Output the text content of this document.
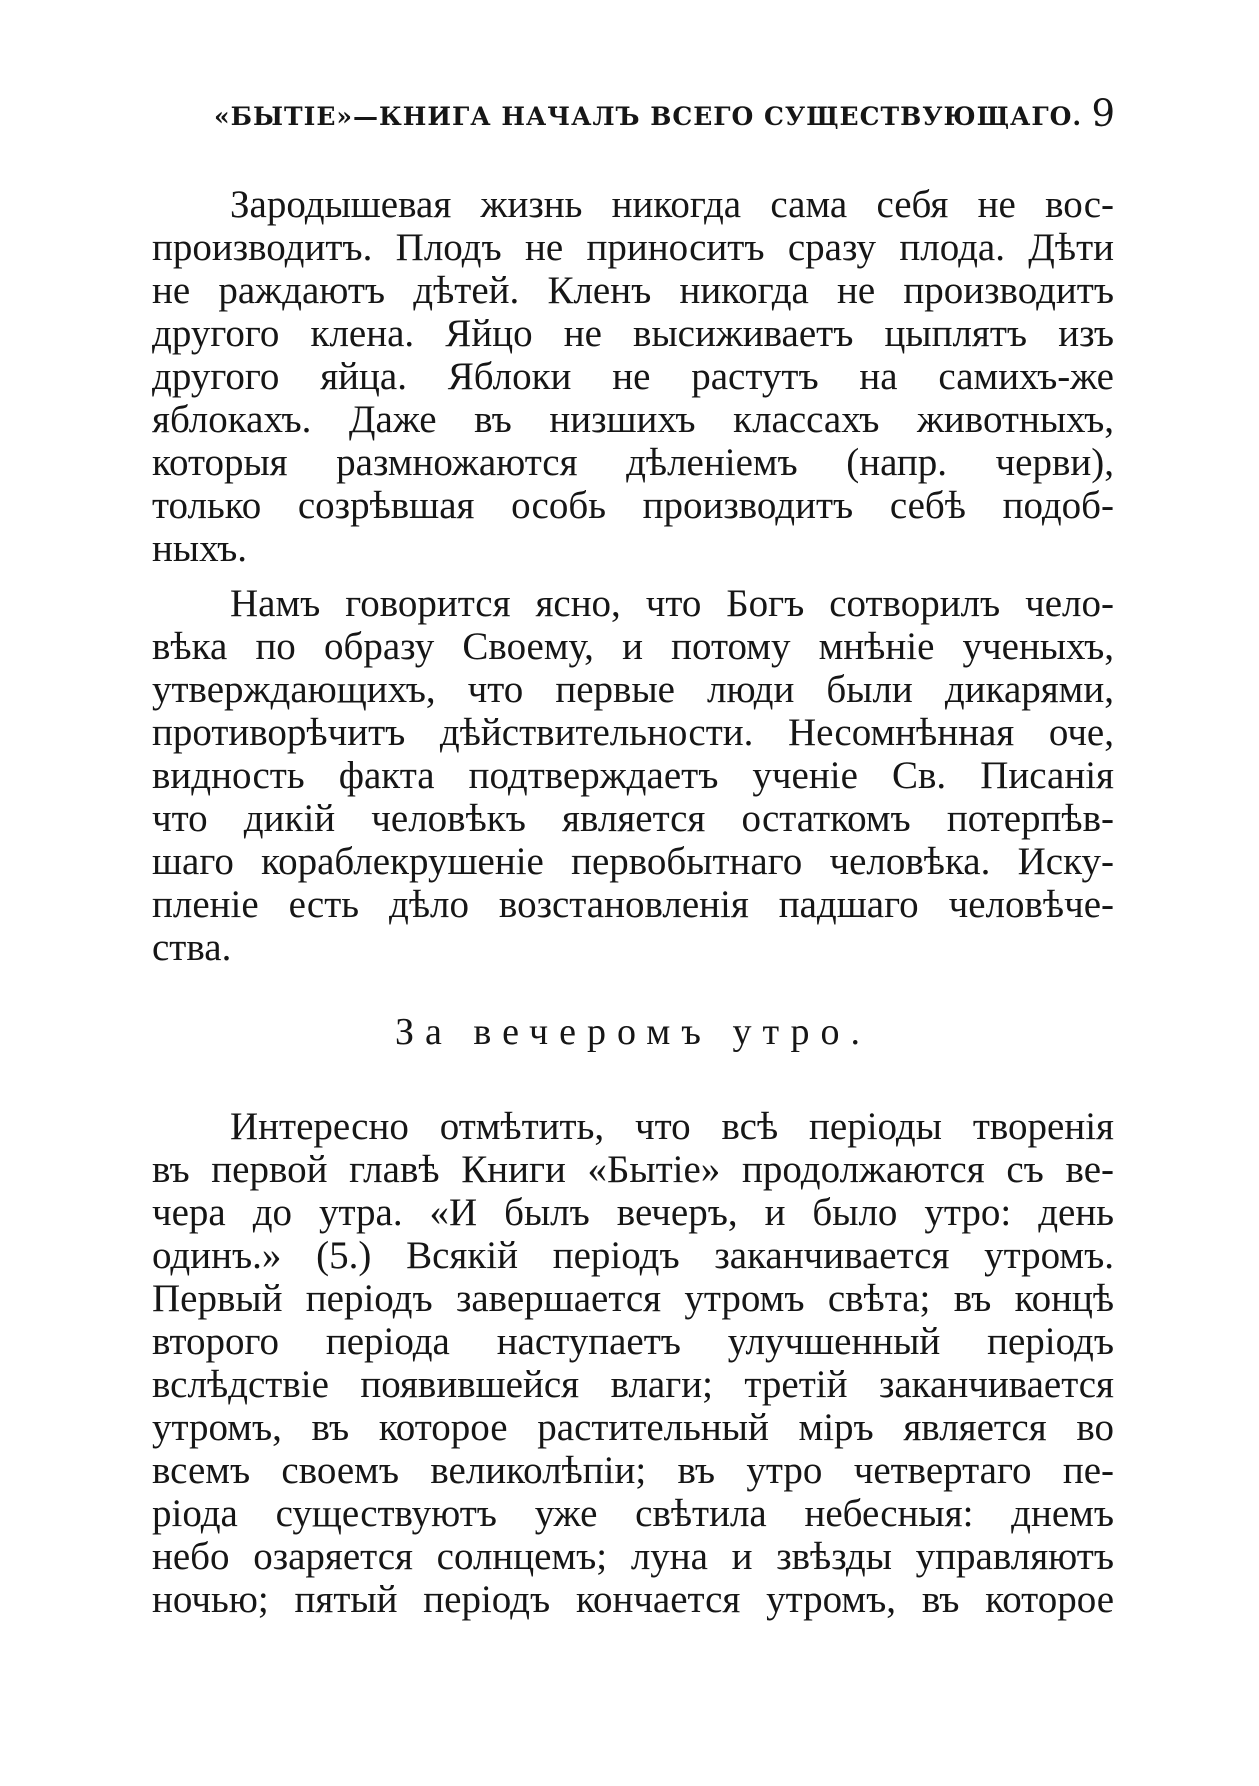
«БЫТІЕ»—КНИГА НАЧАЛЪ ВСЕГО СУЩЕСТВУЮЩАГО. 9

Зародышевая жизнь никогда сама себя не вос-
производитъ. Плодъ не приноситъ сразу плода. Дѣти
не раждаютъ дѣтей. Кленъ никогда не производитъ
другого клена. Яйцо не высиживаетъ цыплятъ изъ
другого яйца. Яблоки не растутъ на самихъ-же
яблокахъ. Даже въ низшихъ классахъ животныхъ,
которыя размножаются дѣленіемъ (напр. черви),
только созрѣвшая особь производитъ себѣ подоб-
ныхъ.

Намъ говорится ясно, что Богъ сотворилъ чело-
вѣка по образу Своему, и потому мнѣніе ученыхъ,
утверждающихъ, что первые люди были дикарями,
противорѣчитъ дѣйствительности. Несомнѣнная оче,
видность факта подтверждаетъ ученіе Св. Писанія
что дикій человѣкъ является остаткомъ потерпѣв-
шаго кораблекрушеніе первобытнаго человѣка. Иску-
пленіе есть дѣло возстановленія падшаго человѣче-
ства.

За вечеромъ утро.

Интересно отмѣтить, что всѣ періоды творенія
въ первой главѣ Книги «Бытіе» продолжаются съ ве-
чера до утра. «И былъ вечеръ, и было утро: день
одинъ.» (5.) Всякій періодъ заканчивается утромъ.
Первый періодъ завершается утромъ свѣта; въ концѣ
второго періода наступаетъ улучшенный періодъ
вслѣдствіе появившейся влаги; третій заканчивается
утромъ, въ которое растительный міръ является во
всемъ своемъ великолѣпіи; въ утро четвертаго пе-
ріода существуютъ уже свѣтила небесныя: днемъ
небо озаряется солнцемъ; луна и звѣзды управляютъ
ночью; пятый періодъ кончается утромъ, въ которое
